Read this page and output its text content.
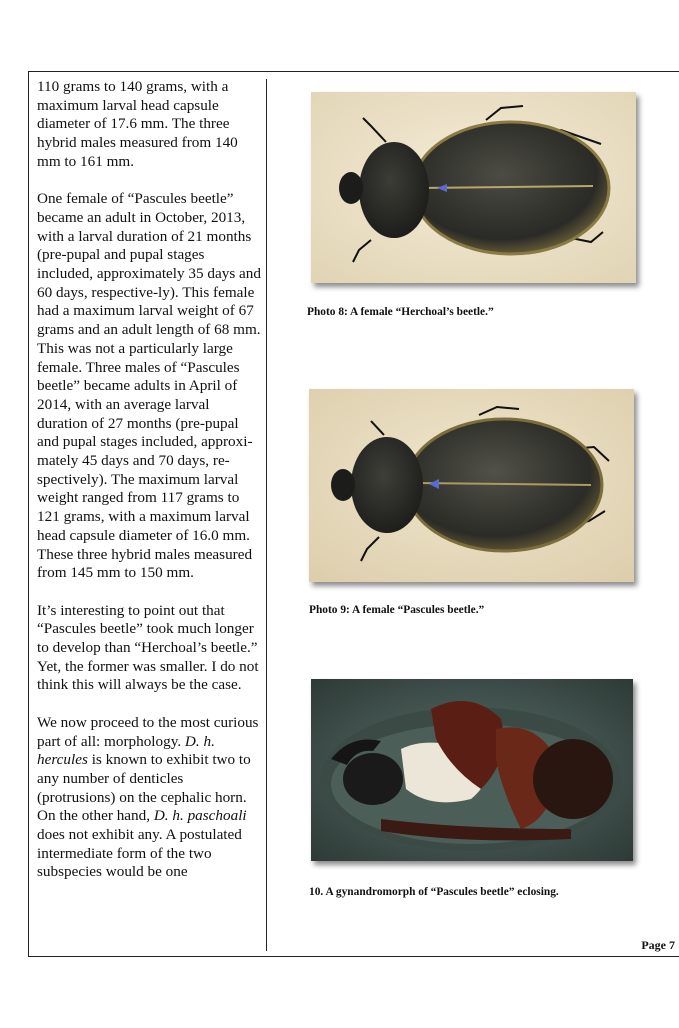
110 grams to 140 grams, with a maximum larval head capsule diameter of 17.6 mm. The three hybrid males measured from 140 mm to 161 mm.

One female of “Pascules beetle” became an adult in October, 2013, with a larval duration of 21 months (pre-pupal and pupal stages included, approximately 35 days and 60 days, respective-ly). This female had a maximum larval weight of 67 grams and an adult length of 68 mm. This was not a particularly large female. Three males of “Pascules beetle” became adults in April of 2014, with an average larval duration of 27 months (pre-pupal and pupal stages included, approxi-mately 45 days and 70 days, re-spectively). The maximum larval weight ranged from 117 grams to 121 grams, with a maximum larval head capsule diameter of 16.0 mm. These three hybrid males measured from 145 mm to 150 mm.

It’s interesting to point out that “Pascules beetle” took much longer to develop than “Herchoal’s beetle.” Yet, the former was smaller. I do not think this will always be the case.

We now proceed to the most curious part of all: morphology. D. h. hercules is known to exhibit two to any number of denticles (protrusions) on the cephalic horn. On the other hand, D. h. paschoali does not exhibit any. A postulated intermediate form of the two subspecies would be one

Photo 8: A female “Herchoal’s beetle.”
Photo 9: A female “Pascules beetle.”
10. A gynandromorph of “Pascules beetle” eclosing.
Page 7
